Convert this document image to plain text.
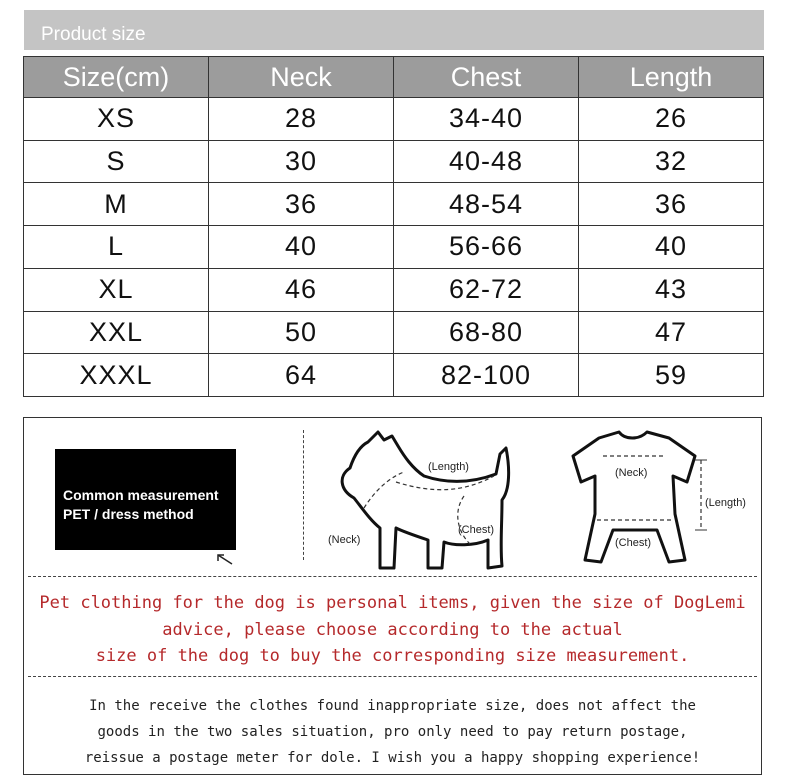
Product size
Size(cm)	Neck	Chest	Length
XS	28	34-40	26
S	30	40-48	32
M	36	48-54	36
L	40	56-66	40
XL	46	62-72	43
XXL	50	68-80	47
XXXL	64	82-100	59
Common measurement
PET / dress method
(Length)
(Neck)
(Chest)
(Neck)
(Length)
(Chest)
Pet clothing for the dog is personal items, given the size of DogLemi
advice, please choose according to the actual
size of the dog to buy the corresponding size measurement.
In the receive the clothes found inappropriate size, does not affect the
goods in the two sales situation, pro only need to pay return postage,
reissue a postage meter for dole. I wish you a happy shopping experience!
